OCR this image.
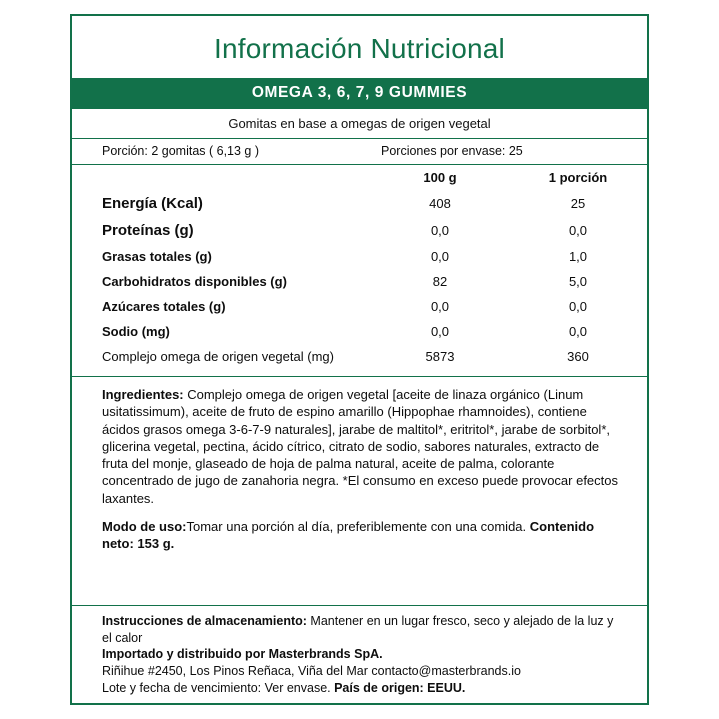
Información Nutricional
OMEGA 3, 6, 7, 9 GUMMIES
Gomitas en base a omegas de origen vegetal
Porción: 2 gomitas ( 6,13 g )	Porciones por envase: 25
	100 g	1 porción
Energía (Kcal)	408	25
Proteínas (g)	0,0	0,0
Grasas totales (g)	0,0	1,0
Carbohidratos disponibles (g)	82	5,0
Azúcares totales (g)	0,0	0,0
Sodio (mg)	0,0	0,0
Complejo omega de origen vegetal (mg)	5873	360

Ingredientes: Complejo omega de origen vegetal [aceite de linaza orgánico (Linum usitatissimum), aceite de fruto de espino amarillo (Hippophae rhamnoides), contiene ácidos grasos omega 3-6-7-9 naturales], jarabe de maltitol*, eritritol*, jarabe de sorbitol*, glicerina vegetal, pectina, ácido cítrico, citrato de sodio, sabores naturales, extracto de fruta del monje, glaseado de hoja de palma natural, aceite de palma, colorante concentrado de jugo de zanahoria negra. *El consumo en exceso puede provocar efectos laxantes.

Modo de uso:Tomar una porción al día, preferiblemente con una comida. Contenido neto: 153 g.

Instrucciones de almacenamiento: Mantener en un lugar fresco, seco y alejado de la luz y el calor

Importado y distribuido por Masterbrands SpA.

Riñihue #2450, Los Pinos Reñaca, Viña del Mar contacto@masterbrands.io

Lote y fecha de vencimiento: Ver envase. País de origen: EEUU.
